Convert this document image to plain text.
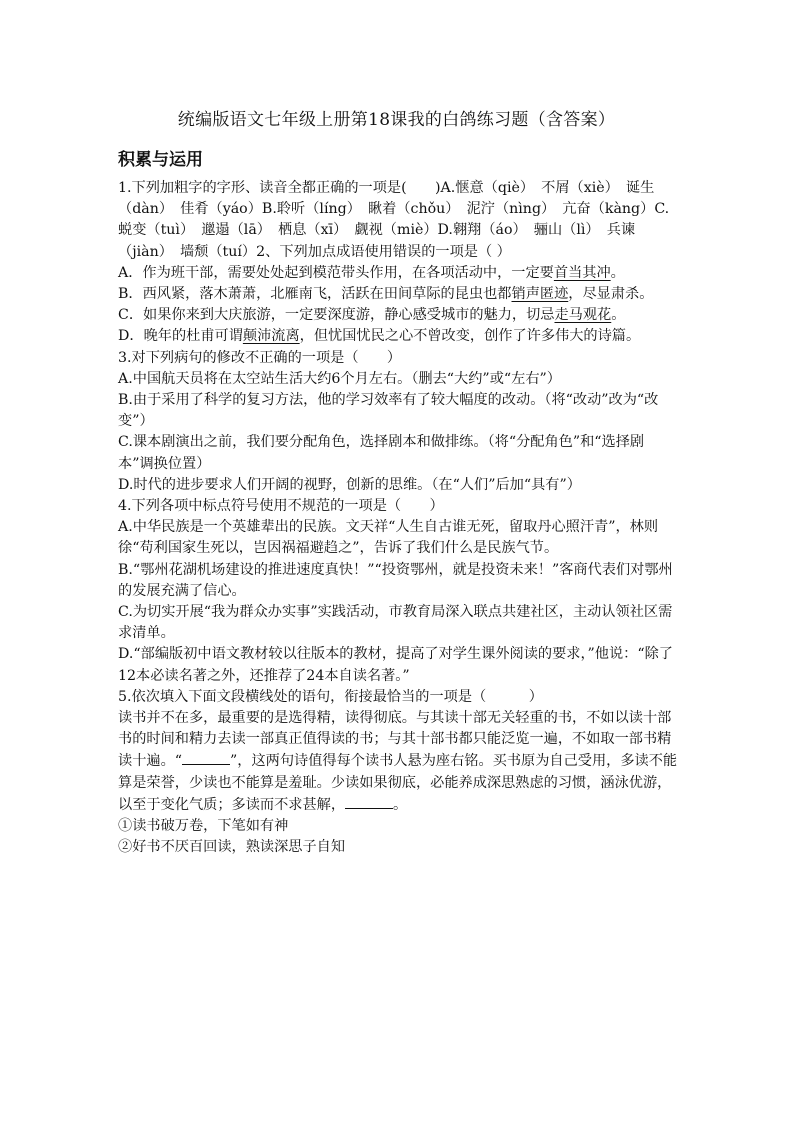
统编版语文七年级上册第18课我的白鸽练习题（含答案）
积累与运用

1.下列加粗字的字形、读音全都正确的一项是(　　)A.惬意（qiè）　不屑（xiè）　诞生（dàn）　佳肴（yáo）B.聆听（líng）　瞅着（chǒu）　泥泞（nìng）　亢奋（kàng）C.蜕变（tuì）　邋遢（lā）　栖息（xī）　觑视（miè）D.翱翔（áo）　骊山（lì）　兵谏（jiàn）　墙颓（tuí）2、下列加点成语使用错误的一项是（ ）

A．作为班干部，需要处处起到模范带头作用，在各项活动中，一定要首当其冲。

B．西风紧，落木萧萧，北雁南飞，活跃在田间草际的昆虫也都销声匿迹，尽显肃杀。

C．如果你来到大庆旅游，一定要深度游，静心感受城市的魅力，切忌走马观花。

D．晚年的杜甫可谓颠沛流离，但忧国忧民之心不曾改变，创作了许多伟大的诗篇。

3.对下列病句的修改不正确的一项是（　　）

A.中国航天员将在太空站生活大约6个月左右。（删去“大约”或“左右”）

B.由于采用了科学的复习方法，他的学习效率有了较大幅度的改动。（将“改动”改为“改变”）

C.课本剧演出之前，我们要分配角色，选择剧本和做排练。（将“分配角色”和“选择剧本”调换位置）

D.时代的进步要求人们开阔的视野，创新的思维。（在“人们”后加“具有”）

4.下列各项中标点符号使用不规范的一项是（　　）

A.中华民族是一个英雄辈出的民族。文天祥“人生自古谁无死，留取丹心照汗青”，林则徐“苟利国家生死以，岂因祸福避趋之”，告诉了我们什么是民族气节。

B.“鄂州花湖机场建设的推进速度真快！”“投资鄂州，就是投资未来！”客商代表们对鄂州的发展充满了信心。

C.为切实开展“我为群众办实事”实践活动，市教育局深入联点共建社区，主动认领社区需求清单。

D.“部编版初中语文教材较以往版本的教材，提高了对学生课外阅读的要求，”他说：“除了12本必读名著之外，还推荐了24本自读名著。”

5.依次填入下面文段横线处的语句，衔接最恰当的一项是（　　　）

读书并不在多，最重要的是选得精，读得彻底。与其读十部无关轻重的书，不如以读十部书的时间和精力去读一部真正值得读的书；与其十部书都只能泛览一遍，不如取一部书精读十遍。“	”，这两句诗值得每个读书人悬为座右铭。买书原为自己受用，多读不能算是荣誉，少读也不能算是羞耻。少读如果彻底，必能养成深思熟虑的习惯，涵泳优游，以至于变化气质；多读而不求甚解，	。

①读书破万卷，下笔如有神

②好书不厌百回读，熟读深思子自知
